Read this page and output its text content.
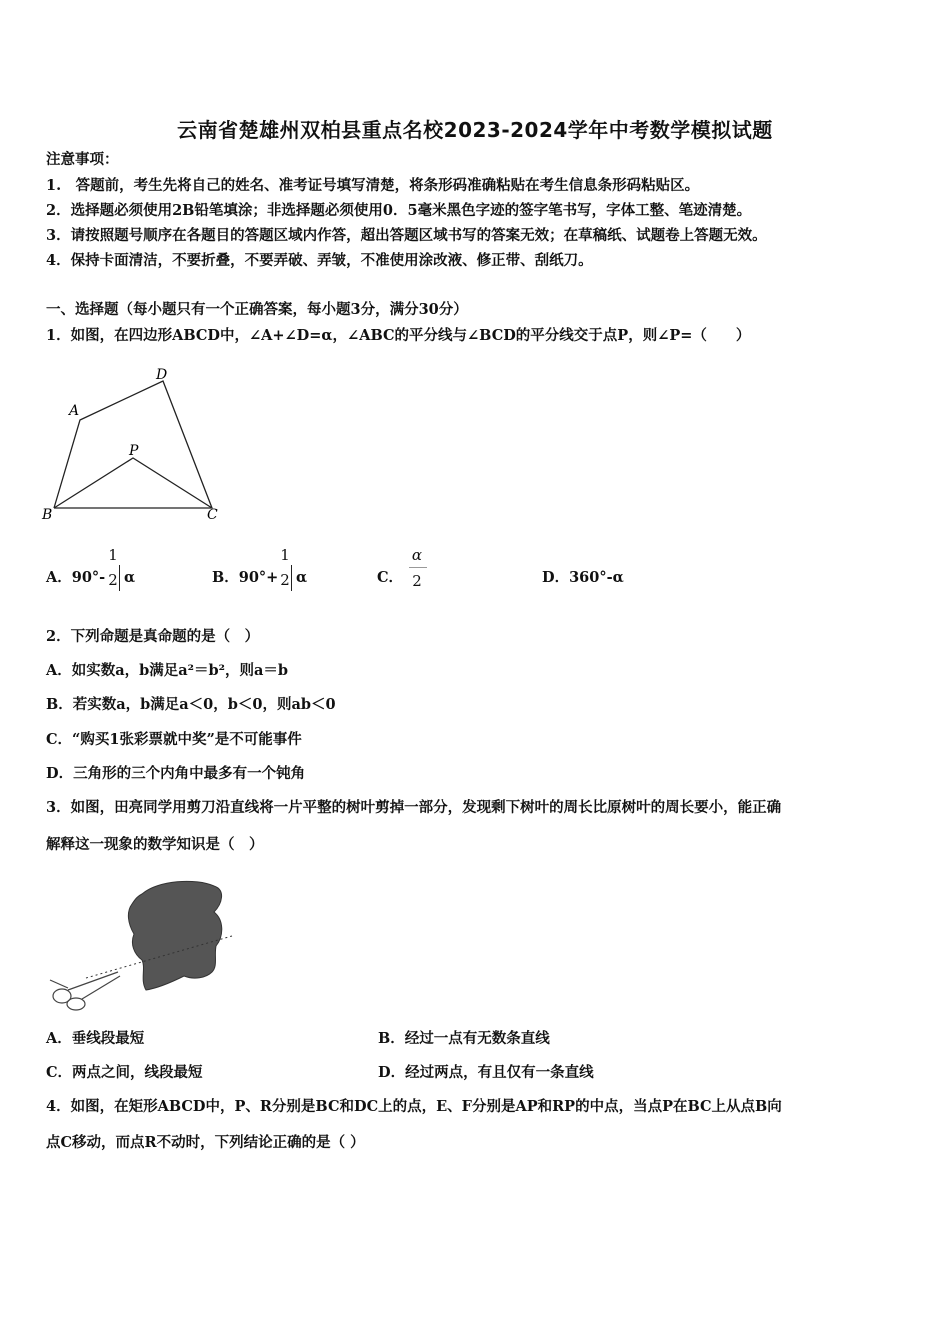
云南省楚雄州双柏县重点名校2023-2024学年中考数学模拟试题
注意事项：
1.　答题前，考生先将自己的姓名、准考证号填写清楚，将条形码准确粘贴在考生信息条形码粘贴区。
2．选择题必须使用2B铅笔填涂；非选择题必须使用0．5毫米黑色字迹的签字笔书写，字体工整、笔迹清楚。
3．请按照题号顺序在各题目的答题区域内作答，超出答题区域书写的答案无效；在草稿纸、试题卷上答题无效。
4．保持卡面清洁，不要折叠，不要弄破、弄皱，不准使用涂改液、修正带、刮纸刀。
一、选择题（每小题只有一个正确答案，每小题3分，满分30分）
1．如图，在四边形ABCD中，∠A+∠D=α，∠ABC的平分线与∠BCD的平分线交于点P，则∠P=（　　）
A
D
P
B	C
A．90°-
1
2 α	B．90°+
1
2 α	C．
α
2	D．360°-α
2．下列命题是真命题的是（　）
A．如实数a，b满足a²＝b²，则a＝b
B．若实数a，b满足a＜0，b＜0，则ab＜0
C．“购买1张彩票就中奖”是不可能事件
D．三角形的三个内角中最多有一个钝角
3．如图，田亮同学用剪刀沿直线将一片平整的树叶剪掉一部分，发现剩下树叶的周长比原树叶的周长要小，能正确
解释这一现象的数学知识是（　）
A．垂线段最短	B．经过一点有无数条直线
C．两点之间，线段最短	D．经过两点，有且仅有一条直线
4．如图，在矩形ABCD中，P、R分别是BC和DC上的点，E、F分别是AP和RP的中点，当点P在BC上从点B向
点C移动，而点R不动时，下列结论正确的是（ ）
